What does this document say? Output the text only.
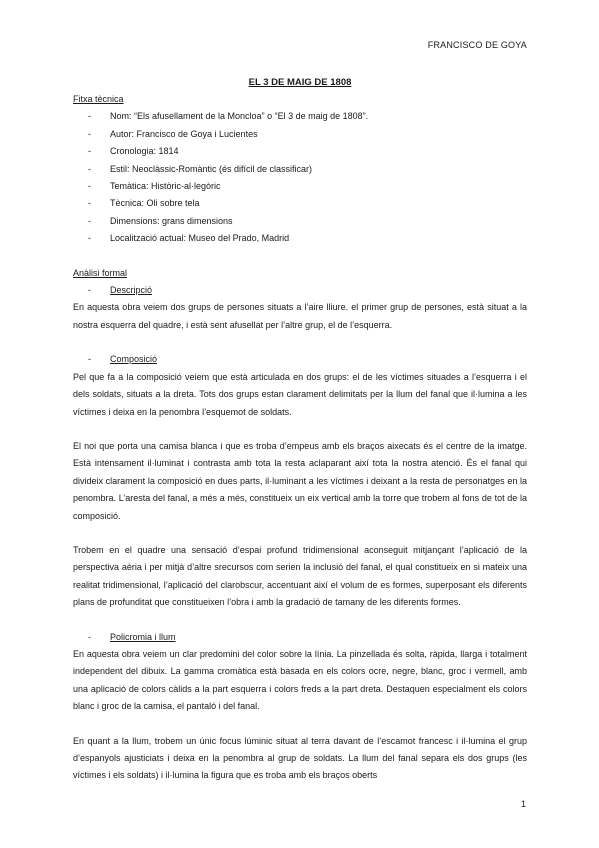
FRANCISCO DE GOYA
EL 3 DE MAIG DE 1808
Fitxa tècnica
- Nom: “Els afusellament de la Moncloa” o “El 3 de maig de 1808”.
- Autor: Francisco de Goya i Lucientes
- Cronologia: 1814
- Estil: Neoclàssic-Romàntic (és difícil de classificar)
- Temàtica: Històric-al·legòric
- Tècnica: Oli sobre tela
- Dimensions: grans dimensions
- Localització actual: Museo del Prado, Madrid
Anàlisi formal
- Descripció

En aquesta obra veiem dos grups de persones situats a l’aire lliure. el primer grup de persones, està situat a la nostra esquerra del quadre, i està sent afusellat per l’altre grup, el de l’esquerra.

- Composició

Pel que fa a la composició veiem que està articulada en dos grups: el de les víctimes situades a l’esquerra i el dels soldats, situats a la dreta. Tots dos grups estan clarament delimitats per la llum del fanal que il·lumina a les víctimes i deixa en la penombra l’esquemot de soldats.

El noi que porta una camisa blanca i que es troba d’empeus amb els braços aixecats és el centre de la imatge. Està intensament il·luminat i contrasta amb tota la resta aclaparant així tota la nostra atenció. És el fanal qui divideix clarament la composició en dues parts, il·luminant a les víctimes i deixant a la resta de personatges en la penombra. L’aresta del fanal, a més a més, constitueix un eix vertical amb la torre que trobem al fons de tot de la composició.

Trobem en el quadre una sensació d’espai profund tridimensional aconseguit mitjançant l’aplicació de la perspectiva aèria i per mitjà d’altre srecursos com serien la inclusió del fanal, el qual constitueix en si mateix una realitat tridimensional, l’aplicació del clarobscur, accentuant així el volum de es formes, superposant els diferents plans de profunditat que constitueixen l’obra i amb la gradació de tamany de les diferents formes.

- Policromia i llum

En aquesta obra veiem un clar predomini del color sobre la línia. La pinzellada és solta, ràpida, llarga i totalment independent del dibuix. La gamma cromàtica està basada en els colors ocre, negre, blanc, groc i vermell, amb una aplicació de colors càlids a la part esquerra i colors freds a la part dreta. Destaquen especialment els colors blanc i groc de la camisa, el pantaló i del fanal.

En quant a la llum, trobem un únic focus lúminic situat al terra davant de l’escamot francesc i il·lumina el grup d’espanyols ajusticiats i deixa en la penombra al grup de soldats. La llum del fanal separa els dos grups (les víctimes i els soldats) i il·lumina la figura que es troba amb els braços oberts

1
